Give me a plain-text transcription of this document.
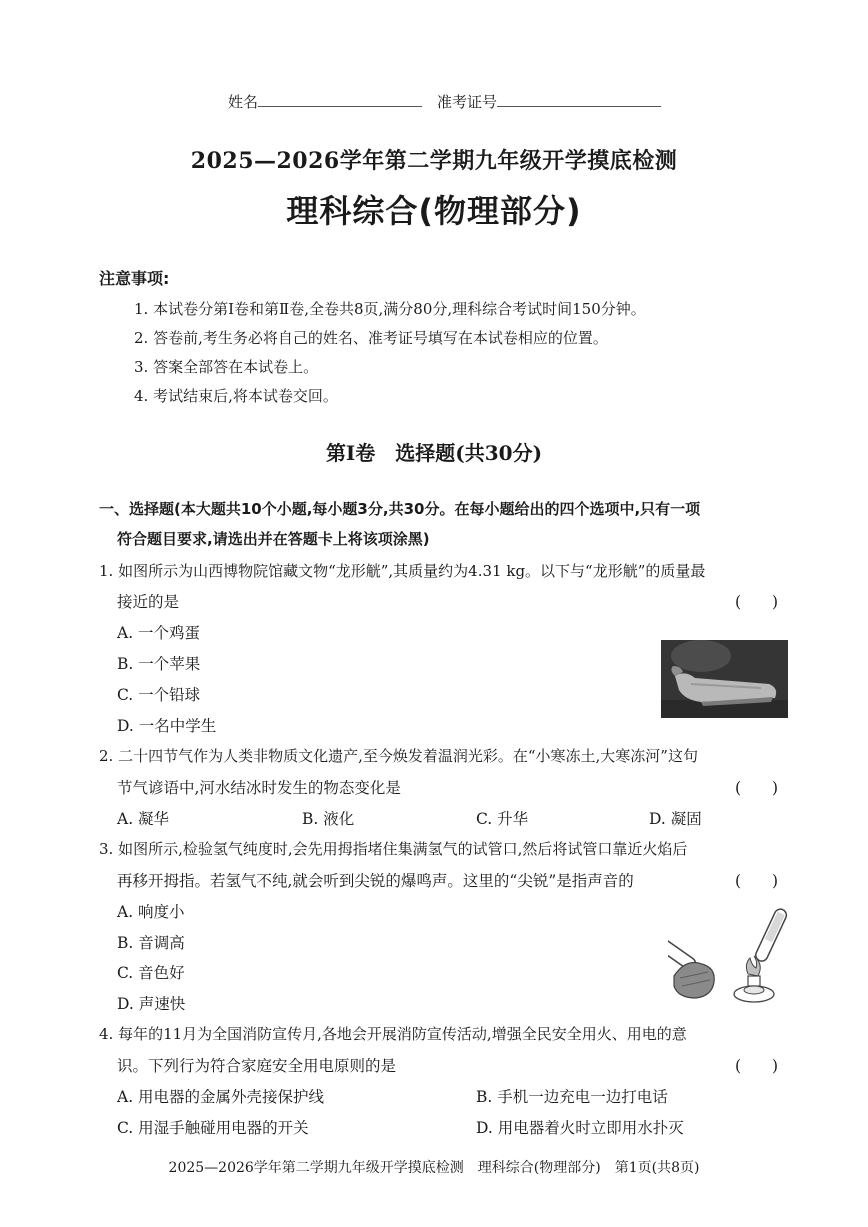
姓名	准考证号
2025—2026学年第二学期九年级开学摸底检测
理科综合(物理部分)
注意事项:
1. 本试卷分第Ⅰ卷和第Ⅱ卷,全卷共8页,满分80分,理科综合考试时间150分钟。
2. 答卷前,考生务必将自己的姓名、准考证号填写在本试卷相应的位置。
3. 答案全部答在本试卷上。
4. 考试结束后,将本试卷交回。
第Ⅰ卷　选择题(共30分)
一、选择题(本大题共10个小题,每小题3分,共30分。在每小题给出的四个选项中,只有一项
符合题目要求,请选出并在答题卡上将该项涂黑)
1. 如图所示为山西博物院馆藏文物“龙形觥”,其质量约为4.31 kg。以下与“龙形觥”的质量最
接近的是	(　　)
A. 一个鸡蛋
B. 一个苹果
C. 一个铅球
D. 一名中学生
2. 二十四节气作为人类非物质文化遗产,至今焕发着温润光彩。在“小寒冻土,大寒冻河”这句
节气谚语中,河水结冰时发生的物态变化是	(　　)
A. 凝华	B. 液化	C. 升华	D. 凝固
3. 如图所示,检验氢气纯度时,会先用拇指堵住集满氢气的试管口,然后将试管口靠近火焰后
再移开拇指。若氢气不纯,就会听到尖锐的爆鸣声。这里的“尖锐”是指声音的	(　　)
A. 响度小
B. 音调高
C. 音色好
D. 声速快
4. 每年的11月为全国消防宣传月,各地会开展消防宣传活动,增强全民安全用火、用电的意
识。下列行为符合家庭安全用电原则的是	(　　)
A. 用电器的金属外壳接保护线	B. 手机一边充电一边打电话
C. 用湿手触碰用电器的开关	D. 用电器着火时立即用水扑灭
2025—2026学年第二学期九年级开学摸底检测　理科综合(物理部分)　第1页(共8页)
